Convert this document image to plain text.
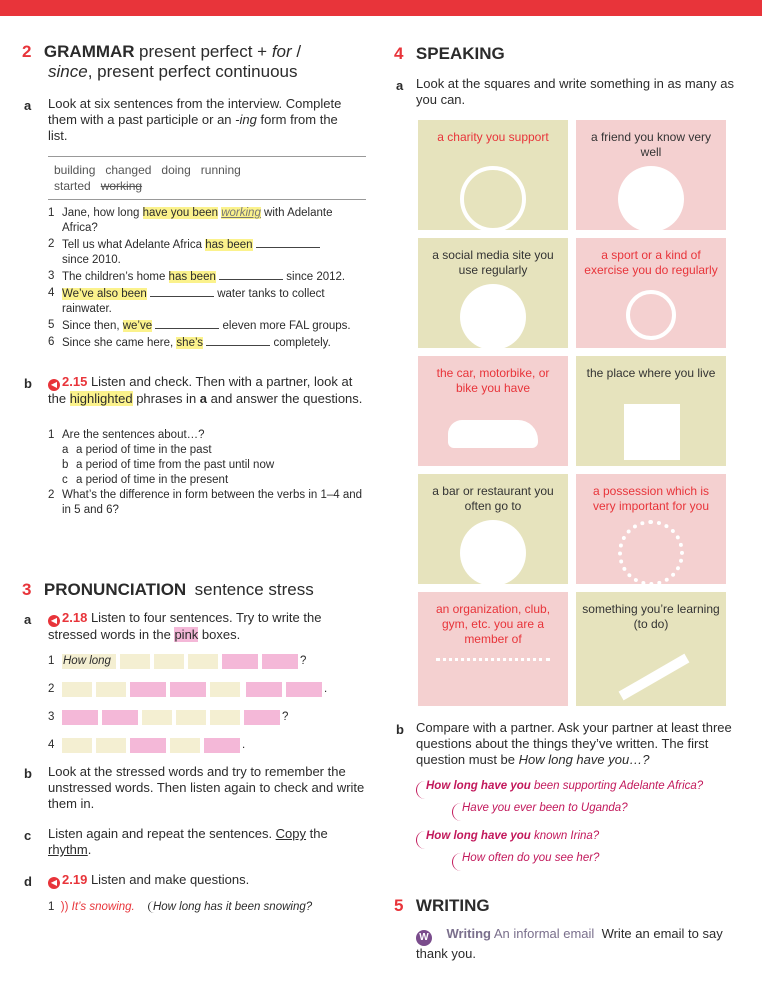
2 GRAMMAR present perfect + for /
since, present perfect continuous
a Look at six sentences from the interview. Complete them with a past participle or an -ing form from the list.
building   changed   doing   running
started working
1 Jane, how long have you been working with Adelante Africa?
2 Tell us what Adelante Africa has been
since 2010.
3 The children’s home has been	since 2012.
4 We’ve also been	water tanks to collect rainwater.
5 Since then, we’ve	eleven more FAL groups.
6 Since she came here, she’s	completely.
b	◀ 2.15 Listen and check. Then with a partner, look at the highlighted phrases in a and answer the questions.
1 Are the sentences about…?
a a period of time in the past
b a period of time from the past until now
c a period of time in the present
2 What’s the difference in form between the verbs in 1–4 and in 5 and 6?
3 PRONUNCIATION sentence stress
a	◀ 2.18 Listen to four sentences. Try to write the stressed words in the pink boxes.
1 How long	?
2	.
3	?
4	.
b Look at the stressed words and try to remember the unstressed words. Then listen again to check and write them in.
c Listen again and repeat the sentences. Copy the rhythm.
d	◀ 2.19 Listen and make questions.
1 )) It’s snowing. How long has it been snowing?
4 SPEAKING
a Look at the squares and write something in as many as you can.
a charity you support	a friend you know very well
a social media site you use regularly
a sport or a kind of exercise you do regularly
the car, motorbike, or bike you have
the place where you live
a bar or restaurant you often go to
a possession which is very important for you
an organization, club, gym, etc. you are a member of
something you’re learning (to do)
b Compare with a partner. Ask your partner at least three questions about the things they’ve written. The first question must be How long have you…?
How long have you been supporting Adelante Africa?
Have you ever been to Uganda?
How long have you known Irina?
How often do you see her?
5 WRITING
W Writing An informal email Write an email to say thank you.
